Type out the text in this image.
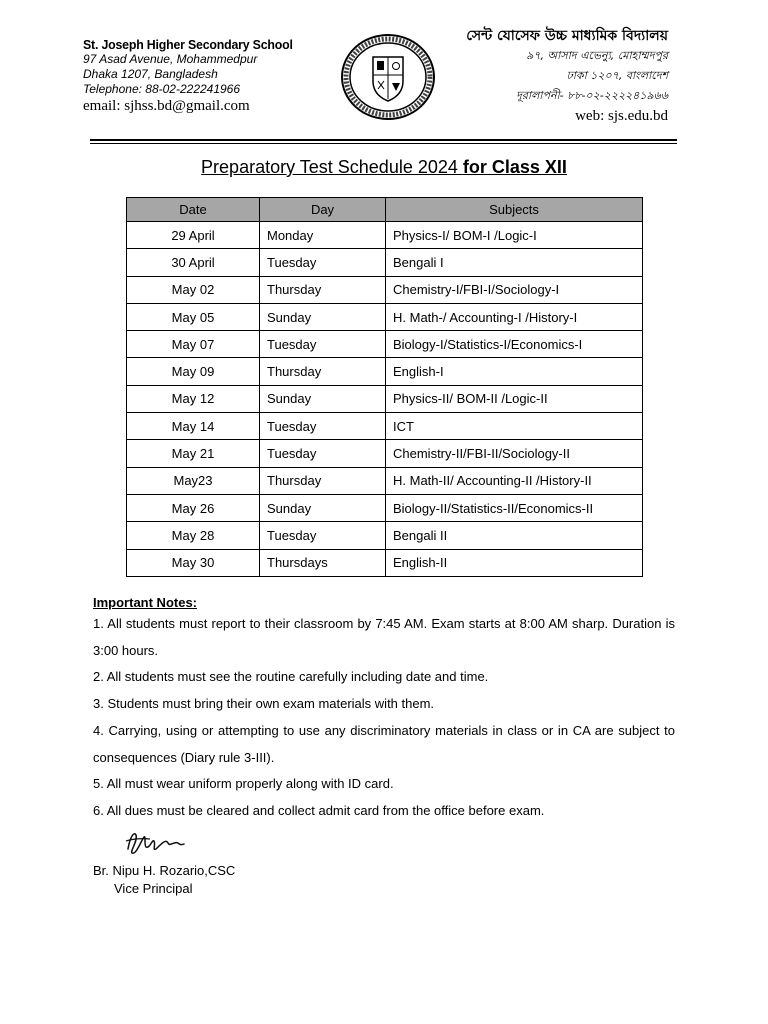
St. Joseph Higher Secondary School
97 Asad Avenue, Mohammedpur
Dhaka 1207, Bangladesh
Telephone: 88-02-222241966
email: sjhss.bd@gmail.com
সেন্ট যোসেফ উচ্চ মাধ্যমিক বিদ্যালয়
৯৭, আসাদ এভেন্যু, মোহাম্মদপুর
ঢাকা ১২০৭, বাংলাদেশ
দূরালাপনী- ৮৮-০২-২২২২৪১৯৬৬
web: sjs.edu.bd
Preparatory Test Schedule 2024 for Class XII
Date	Day	Subjects
29 April	Monday	Physics-I/ BOM-I /Logic-I
30 April	Tuesday	Bengali I
May 02	Thursday	Chemistry-I/FBI-I/Sociology-I
May 05	Sunday	H. Math-/ Accounting-I /History-I
May 07	Tuesday	Biology-I/Statistics-I/Economics-I
May 09	Thursday	English-I
May 12	Sunday	Physics-II/ BOM-II /Logic-II
May 14	Tuesday	ICT
May 21	Tuesday	Chemistry-II/FBI-II/Sociology-II
May23	Thursday	H. Math-II/ Accounting-II /History-II
May 26	Sunday	Biology-II/Statistics-II/Economics-II
May 28	Tuesday	Bengali II
May 30	Thursdays	English-II
Important Notes:
1. All students must report to their classroom by 7:45 AM. Exam starts at 8:00 AM sharp. Duration is 3:00 hours.
2. All students must see the routine carefully including date and time.
3. Students must bring their own exam materials with them.
4. Carrying, using or attempting to use any discriminatory materials in class or in CA are subject to consequences (Diary rule 3-III).
5. All must wear uniform properly along with ID card.
6. All dues must be cleared and collect admit card from the office before exam.
Br. Nipu H. Rozario,CSC
Vice Principal
